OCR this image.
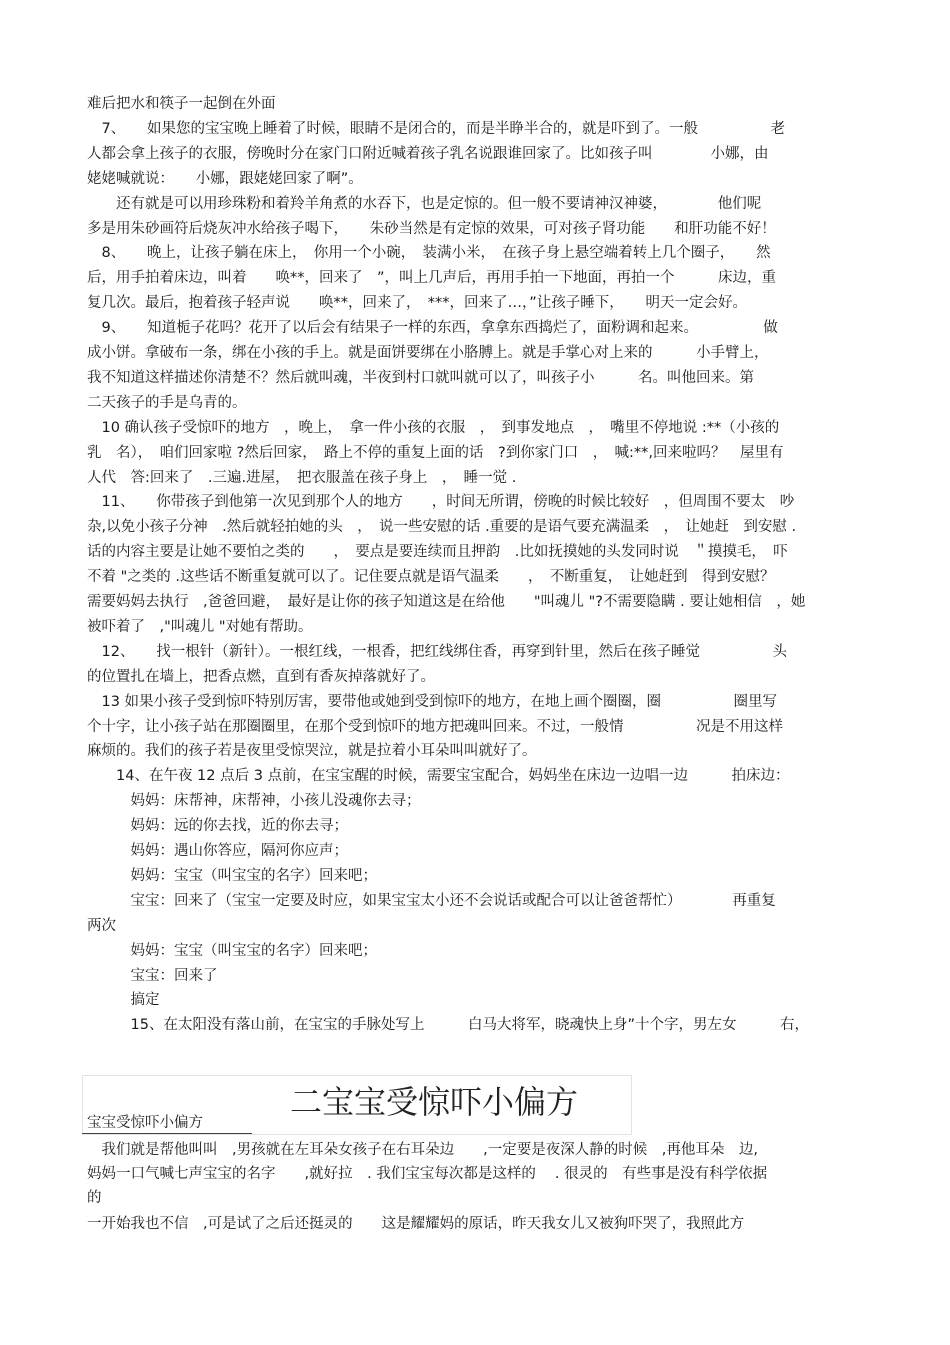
难后把水和筷子一起倒在外面
　7、　　如果您的宝宝晚上睡着了时候，眼睛不是闭合的，而是半睁半合的，就是吓到了。一般　　　　　老
人都会拿上孩子的衣服，傍晚时分在家门口附近喊着孩子乳名说跟谁回家了。比如孩子叫　　　　小娜，由
姥姥喊就说：　　小娜，跟姥姥回家了啊”。
　　还有就是可以用珍珠粉和着羚羊角煮的水吞下，也是定惊的。但一般不要请神汉神婆，　　　　他们呢
多是用朱砂画符后烧灰冲水给孩子喝下，　　朱砂当然是有定惊的效果，可对孩子肾功能　　和肝功能不好！
　8、　　晚上，让孩子躺在床上，　你用一个小碗，　装满小米，　在孩子身上悬空端着转上几个圈子，　　然
后，用手拍着床边，叫着　　唤**，回来了　”，叫上几声后，再用手拍一下地面，再拍一个　　　床边，重
复几次。最后，抱着孩子轻声说　　唤**，回来了，　***，回来了…，”让孩子睡下，　　明天一定会好。
　9、　　知道栀子花吗？花开了以后会有结果子一样的东西，拿拿东西捣烂了，面粉调和起来。　　　　　做
成小饼。拿破布一条，绑在小孩的手上。就是面饼要绑在小胳膊上。就是手掌心对上来的　　　小手臂上，
我不知道这样描述你清楚不？然后就叫魂，半夜到村口就叫就可以了，叫孩子小　　　名。叫他回来。第
二天孩子的手是乌青的。
　10 确认孩子受惊吓的地方　，晚上，　拿一件小孩的衣服　，　到事发地点　，　嘴里不停地说 :**（小孩的
乳　名），　咱们回家啦 ?然后回家，　路上不停的重复上面的话　?到你家门口　，　喊:**,回来啦吗？　屋里有
人代　答:回来了　.三遍.进屋，　把衣服盖在孩子身上　，　睡一觉 .
　11、　　你带孩子到他第一次见到那个人的地方　　，时间无所谓，傍晚的时候比较好　，但周围不要太　吵
杂,以免小孩子分神　.然后就轻拍她的头　，　说一些安慰的话 .重要的是语气要充满温柔　，　让她赶　到安慰 .
话的内容主要是让她不要怕之类的　　，　要点是要连续而且押韵　.比如抚摸她的头发同时说　＂摸摸毛，　吓
不着 "之类的 .这些话不断重复就可以了。记住要点就是语气温柔　　，　不断重复，　让她赶到　得到安慰？
需要妈妈去执行　,爸爸回避，　最好是让你的孩子知道这是在给他　　"叫魂儿 "?不需要隐瞒 . 要让她相信　，她
被吓着了　,"叫魂儿 "对她有帮助。
　12、　　找一根针（新针）。一根红线，一根香，把红线绑住香，再穿到针里，然后在孩子睡觉　　　　　头
的位置扎在墙上，把香点燃，直到有香灰掉落就好了。
　13 如果小孩子受到惊吓特别厉害，要带他或她到受到惊吓的地方，在地上画个圈圈，圈　　　　　圈里写
个十字，让小孩子站在那圈圈里，在那个受到惊吓的地方把魂叫回来。不过，一般情　　　　　况是不用这样
麻烦的。我们的孩子若是夜里受惊哭泣，就是拉着小耳朵叫叫就好了。
　　14、在午夜 12 点后 3 点前，在宝宝醒的时候，需要宝宝配合，妈妈坐在床边一边唱一边　　　拍床边：
　　　妈妈：床帮神，床帮神，小孩儿没魂你去寻；
　　　妈妈：远的你去找，近的你去寻；
　　　妈妈：遇山你答应，隔河你应声；
　　　妈妈：宝宝（叫宝宝的名字）回来吧；
　　　宝宝：回来了（宝宝一定要及时应，如果宝宝太小还不会说话或配合可以让爸爸帮忙）　　　　再重复
两次
　　　妈妈：宝宝（叫宝宝的名字）回来吧；
　　　宝宝：回来了
　　　搞定
　　　15、在太阳没有落山前，在宝宝的手脉处写上　　　白马大将军，晓魂快上身”十个字，男左女　　　右，
二宝宝受惊吓小偏方
宝宝受惊吓小偏方
　我们就是帮他叫叫　,男孩就在左耳朵女孩子在右耳朵边　　,一定要是夜深人静的时候　,再他耳朵　边,
妈妈一口气喊七声宝宝的名字　　,就好拉　. 我们宝宝每次都是这样的　 . 很灵的　有些事是没有科学依据
的
一开始我也不信　,可是试了之后还挺灵的　　这是耀耀妈的原话，昨天我女儿又被狗吓哭了，我照此方
